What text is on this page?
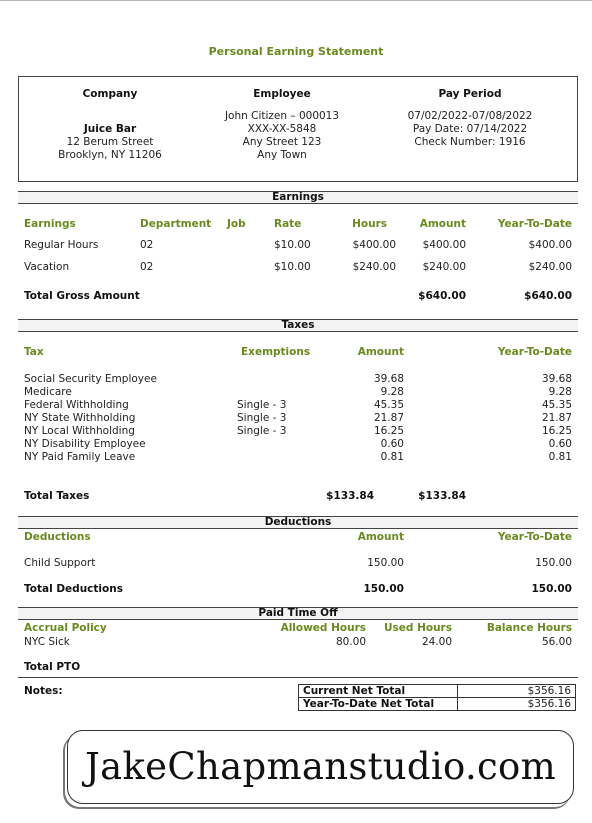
Personal Earning Statement
Company
Juice Bar
12 Berum Street
Brooklyn, NY 11206
Employee
John Citizen – 000013
XXX-XX-5848
Any Street 123
Any Town
Pay Period
07/02/2022-07/08/2022
Pay Date: 07/14/2022
Check Number: 1916
Earnings
Earnings	Department Job	Rate	Hours	Amount	Year-To-Date
Regular Hours	02	$10.00	$400.00	$400.00	$400.00
Vacation	02	$10.00	$240.00	$240.00	$240.00
Total Gross Amount	$640.00	$640.00
Taxes
Tax	Exemptions	Amount	Year-To-Date
Social Security Employee	39.68	39.68
Medicare	9.28	9.28
Federal Withholding	Single - 3	45.35	45.35
NY State Withholding	Single - 3	21.87	21.87
NY Local Withholding	Single - 3	16.25	16.25
NY Disability Employee	0.60	0.60
NY Paid Family Leave	0.81	0.81
Total Taxes	$133.84	$133.84
Deductions
Deductions	Amount	Year-To-Date
Child Support	150.00	150.00
Total Deductions	150.00	150.00
Paid Time Off
Accrual Policy	Allowed Hours	Used Hours	Balance Hours
NYC Sick	80.00	24.00	56.00
Total PTO
Notes:	Current Net Total	$356.16
Year-To-Date Net Total	$356.16
JakeChapmanstudio.com
